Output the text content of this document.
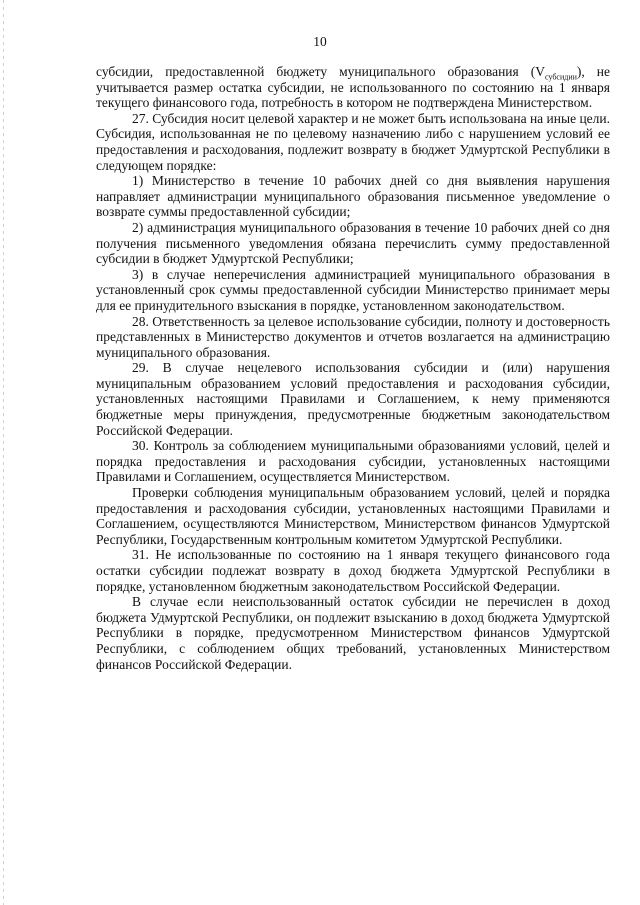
10

субсидии, предоставленной бюджету муниципального образования $(V_{субсидии})$, не учитывается размер остатка субсидии, не использованного по состоянию на 1 января текущего финансового года, потребность в котором не подтверждена Министерством.

27. Субсидия носит целевой характер и не может быть использована на иные цели. Субсидия, использованная не по целевому назначению либо с нарушением условий ее предоставления и расходования, подлежит возврату в бюджет Удмуртской Республики в следующем порядке:

1) Министерство в течение 10 рабочих дней со дня выявления нарушения направляет администрации муниципального образования письменное уведомление о возврате суммы предоставленной субсидии;

2) администрация муниципального образования в течение 10 рабочих дней со дня получения письменного уведомления обязана перечислить сумму предоставленной субсидии в бюджет Удмуртской Республики;

3) в случае неперечисления администрацией муниципального образования в установленный срок суммы предоставленной субсидии Министерство принимает меры для ее принудительного взыскания в порядке, установленном законодательством.

28. Ответственность за целевое использование субсидии, полноту и достоверность представленных в Министерство документов и отчетов возлагается на администрацию муниципального образования.

29. В случае нецелевого использования субсидии и (или) нарушения муниципальным образованием условий предоставления и расходования субсидии, установленных настоящими Правилами и Соглашением, к нему применяются бюджетные меры принуждения, предусмотренные бюджетным законодательством Российской Федерации.

30. Контроль за соблюдением муниципальными образованиями условий, целей и порядка предоставления и расходования субсидии, установленных настоящими Правилами и Соглашением, осуществляется Министерством.

Проверки соблюдения муниципальным образованием условий, целей и порядка предоставления и расходования субсидии, установленных настоящими Правилами и Соглашением, осуществляются Министерством, Министерством финансов Удмуртской Республики, Государственным контрольным комитетом Удмуртской Республики.

31. Не использованные по состоянию на 1 января текущего финансового года остатки субсидии подлежат возврату в доход бюджета Удмуртской Республики в порядке, установленном бюджетным законодательством Российской Федерации.

В случае если неиспользованный остаток субсидии не перечислен в доход бюджета Удмуртской Республики, он подлежит взысканию в доход бюджета Удмуртской Республики в порядке, предусмотренном Министерством финансов Удмуртской Республики, с соблюдением общих требований, установленных Министерством финансов Российской Федерации.
